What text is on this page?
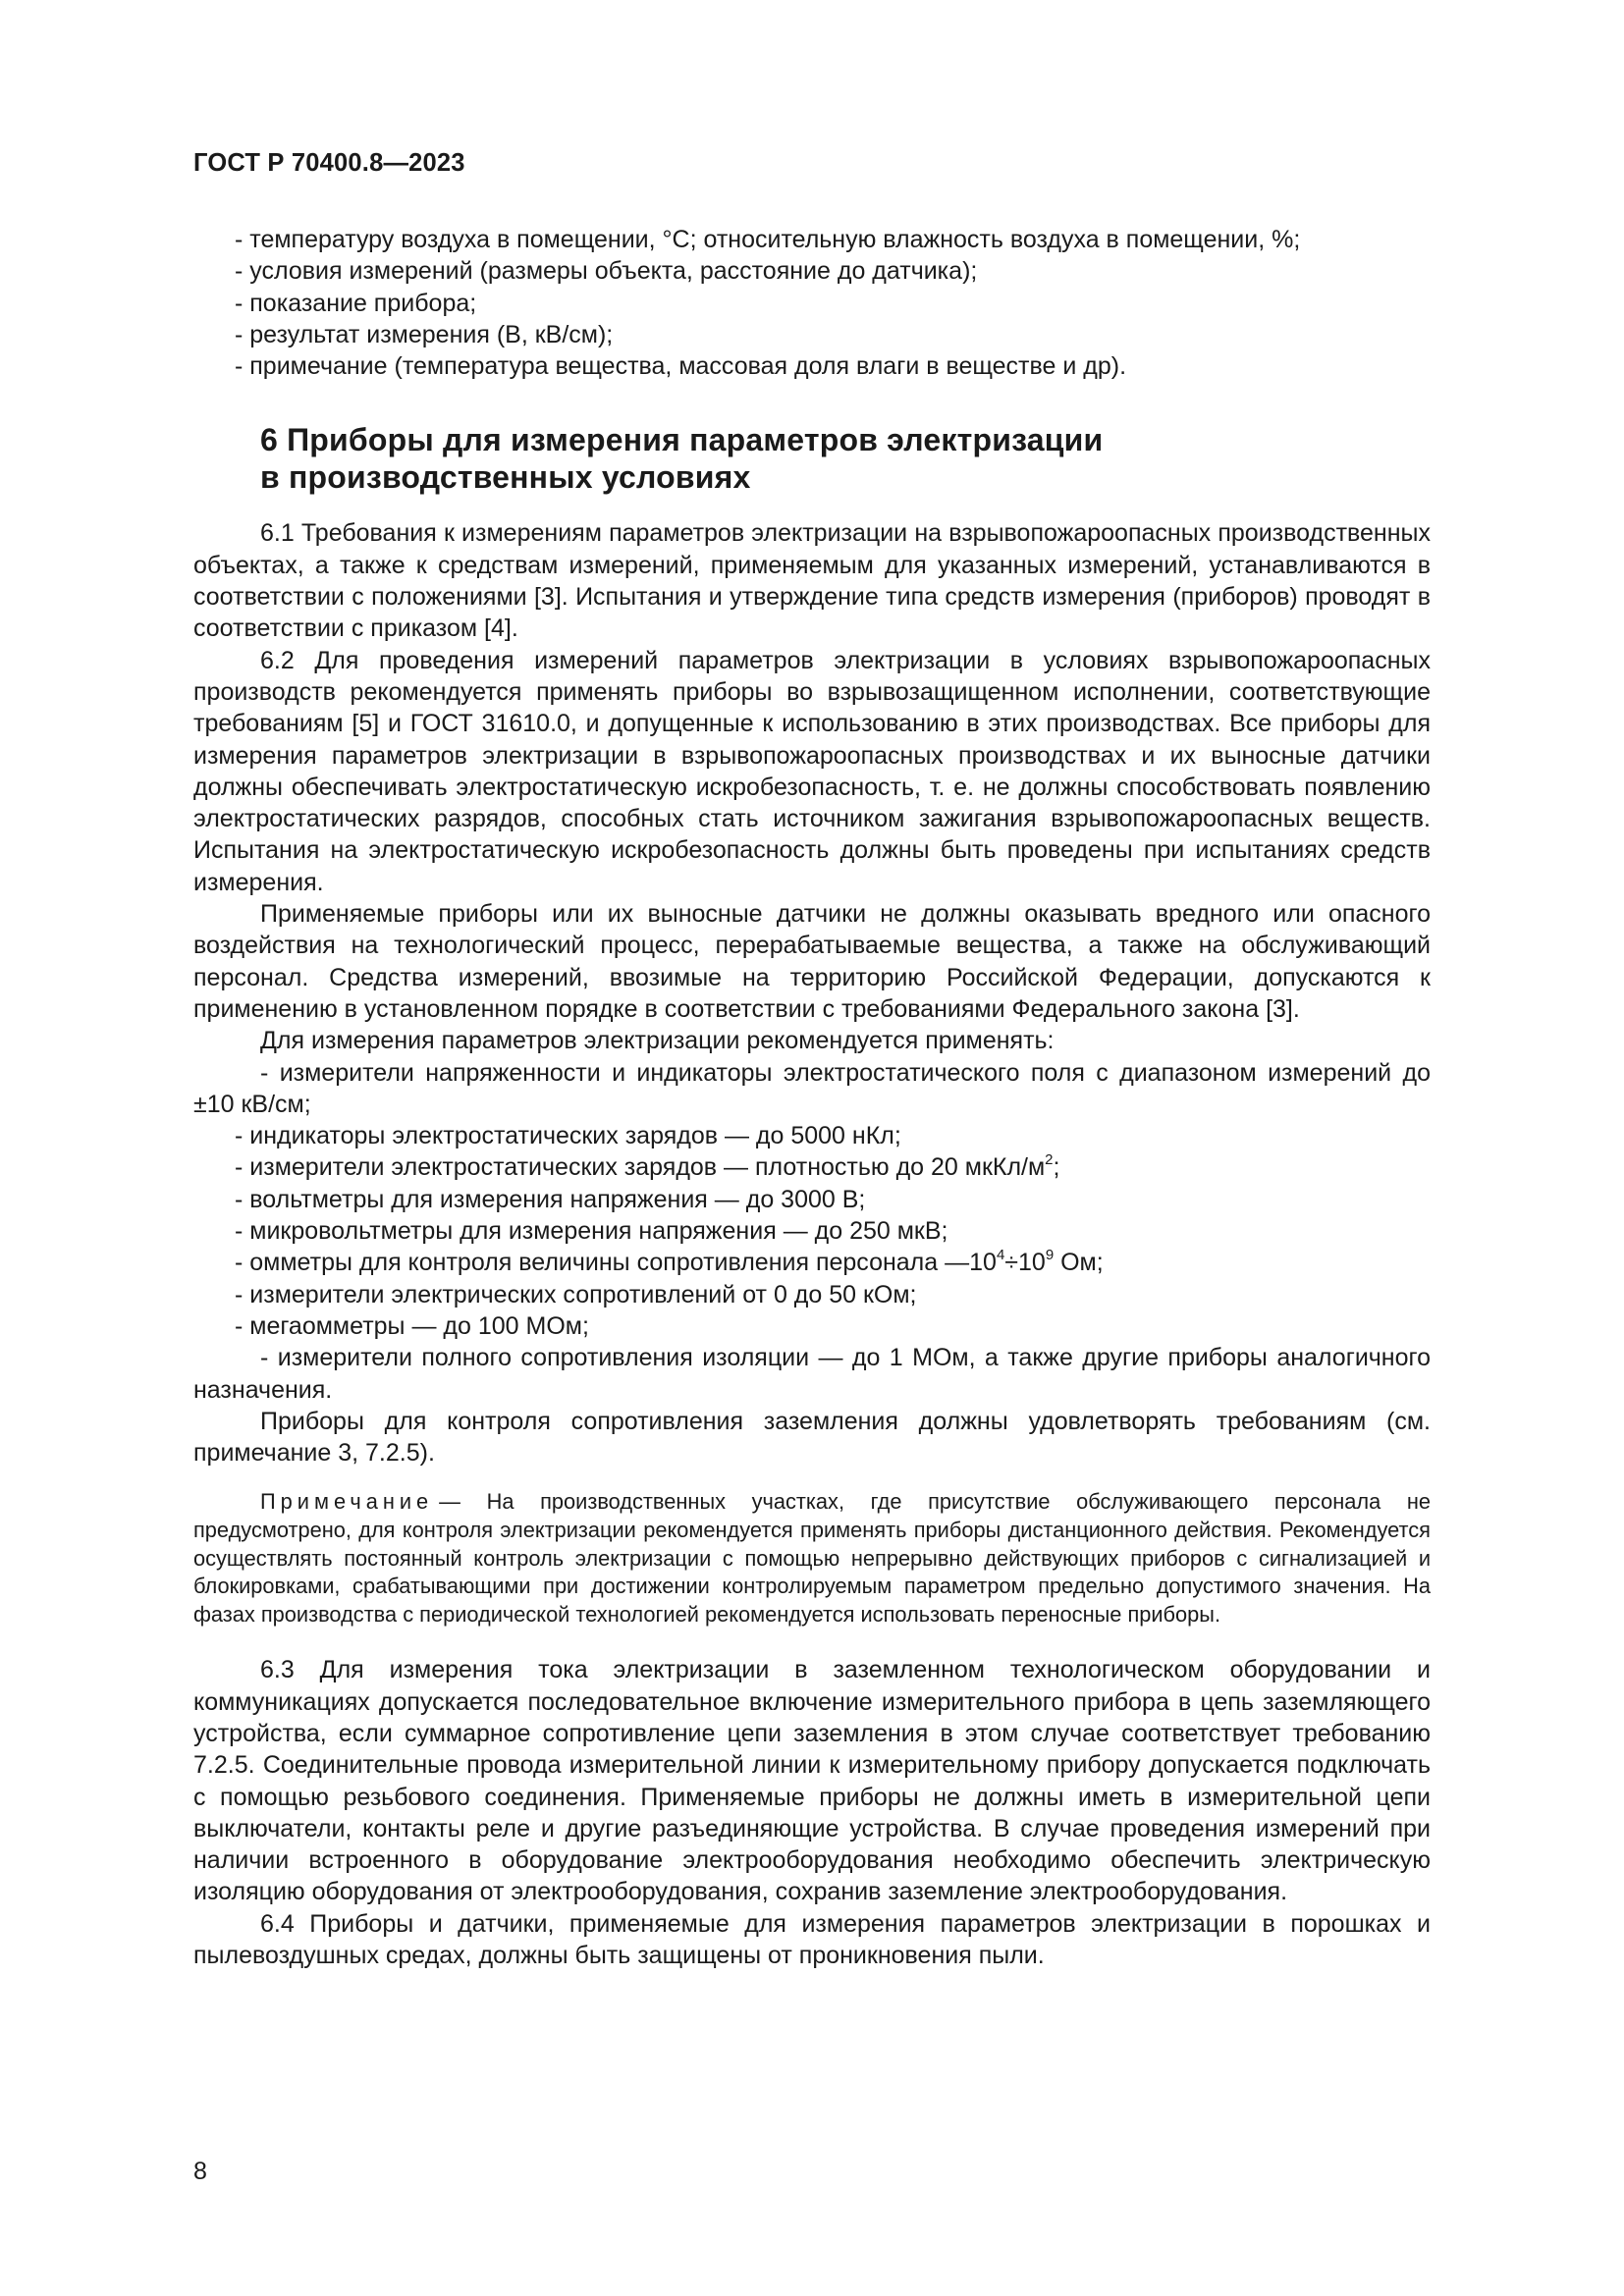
ГОСТ Р 70400.8—2023

- температуру воздуха в помещении, °С; относительную влажность воздуха в помещении, %;

- условия измерений (размеры объекта, расстояние до датчика);

- показание прибора;

- результат измерения (В, кВ/см);

- примечание (температура вещества, массовая доля влаги в веществе и др).

6 Приборы для измерения параметров электризации
в производственных условиях

6.1 Требования к измерениям параметров электризации на взрывопожароопасных производственных объектах, а также к средствам измерений, применяемым для указанных измерений, устанавливаются в соответствии с положениями [3]. Испытания и утверждение типа средств измерения (приборов) проводят в соответствии с приказом [4].

6.2 Для проведения измерений параметров электризации в условиях взрывопожароопасных производств рекомендуется применять приборы во взрывозащищенном исполнении, соответствующие требованиям [5] и ГОСТ 31610.0, и допущенные к использованию в этих производствах. Все приборы для измерения параметров электризации в взрывопожароопасных производствах и их выносные датчики должны обеспечивать электростатическую искробезопасность, т. е. не должны способствовать появлению электростатических разрядов, способных стать источником зажигания взрывопожароопасных веществ. Испытания на электростатическую искробезопасность должны быть проведены при испытаниях средств измерения.

Применяемые приборы или их выносные датчики не должны оказывать вредного или опасного воздействия на технологический процесс, перерабатываемые вещества, а также на обслуживающий персонал. Средства измерений, ввозимые на территорию Российской Федерации, допускаются к применению в установленном порядке в соответствии с требованиями Федерального закона [3].

Для измерения параметров электризации рекомендуется применять:

- измерители напряженности и индикаторы электростатического поля с диапазоном измерений до ±10 кВ/см;

- индикаторы электростатических зарядов — до 5000 нКл;

- измерители электростатических зарядов — плотностью до 20 мкКл/$м^2$;

- вольтметры для измерения напряжения — до 3000 В;

- микровольтметры для измерения напряжения — до 250 мкВ;

- омметры для контроля величины сопротивления персонала $—10^4\div 10^9$ Ом;

- измерители электрических сопротивлений от 0 до 50 кОм;

- мегаомметры — до 100 МОм;

- измерители полного сопротивления изоляции — до 1 МОм, а также другие приборы аналогичного назначения.

Приборы для контроля сопротивления заземления должны удовлетворять требованиям (см. примечание 3, 7.2.5).

Примечание — На производственных участках, где присутствие обслуживающего персонала не предусмотрено, для контроля электризации рекомендуется применять приборы дистанционного действия. Рекомендуется осуществлять постоянный контроль электризации с помощью непрерывно действующих приборов с сигнализацией и блокировками, срабатывающими при достижении контролируемым параметром предельно допустимого значения. На фазах производства с периодической технологией рекомендуется использовать переносные приборы.

6.3 Для измерения тока электризации в заземленном технологическом оборудовании и коммуникациях допускается последовательное включение измерительного прибора в цепь заземляющего устройства, если суммарное сопротивление цепи заземления в этом случае соответствует требованию 7.2.5. Соединительные провода измерительной линии к измерительному прибору допускается подключать с помощью резьбового соединения. Применяемые приборы не должны иметь в измерительной цепи выключатели, контакты реле и другие разъединяющие устройства. В случае проведения измерений при наличии встроенного в оборудование электрооборудования необходимо обеспечить электрическую изоляцию оборудования от электрооборудования, сохранив заземление электрооборудования.

6.4 Приборы и датчики, применяемые для измерения параметров электризации в порошках и пылевоздушных средах, должны быть защищены от проникновения пыли.

8
